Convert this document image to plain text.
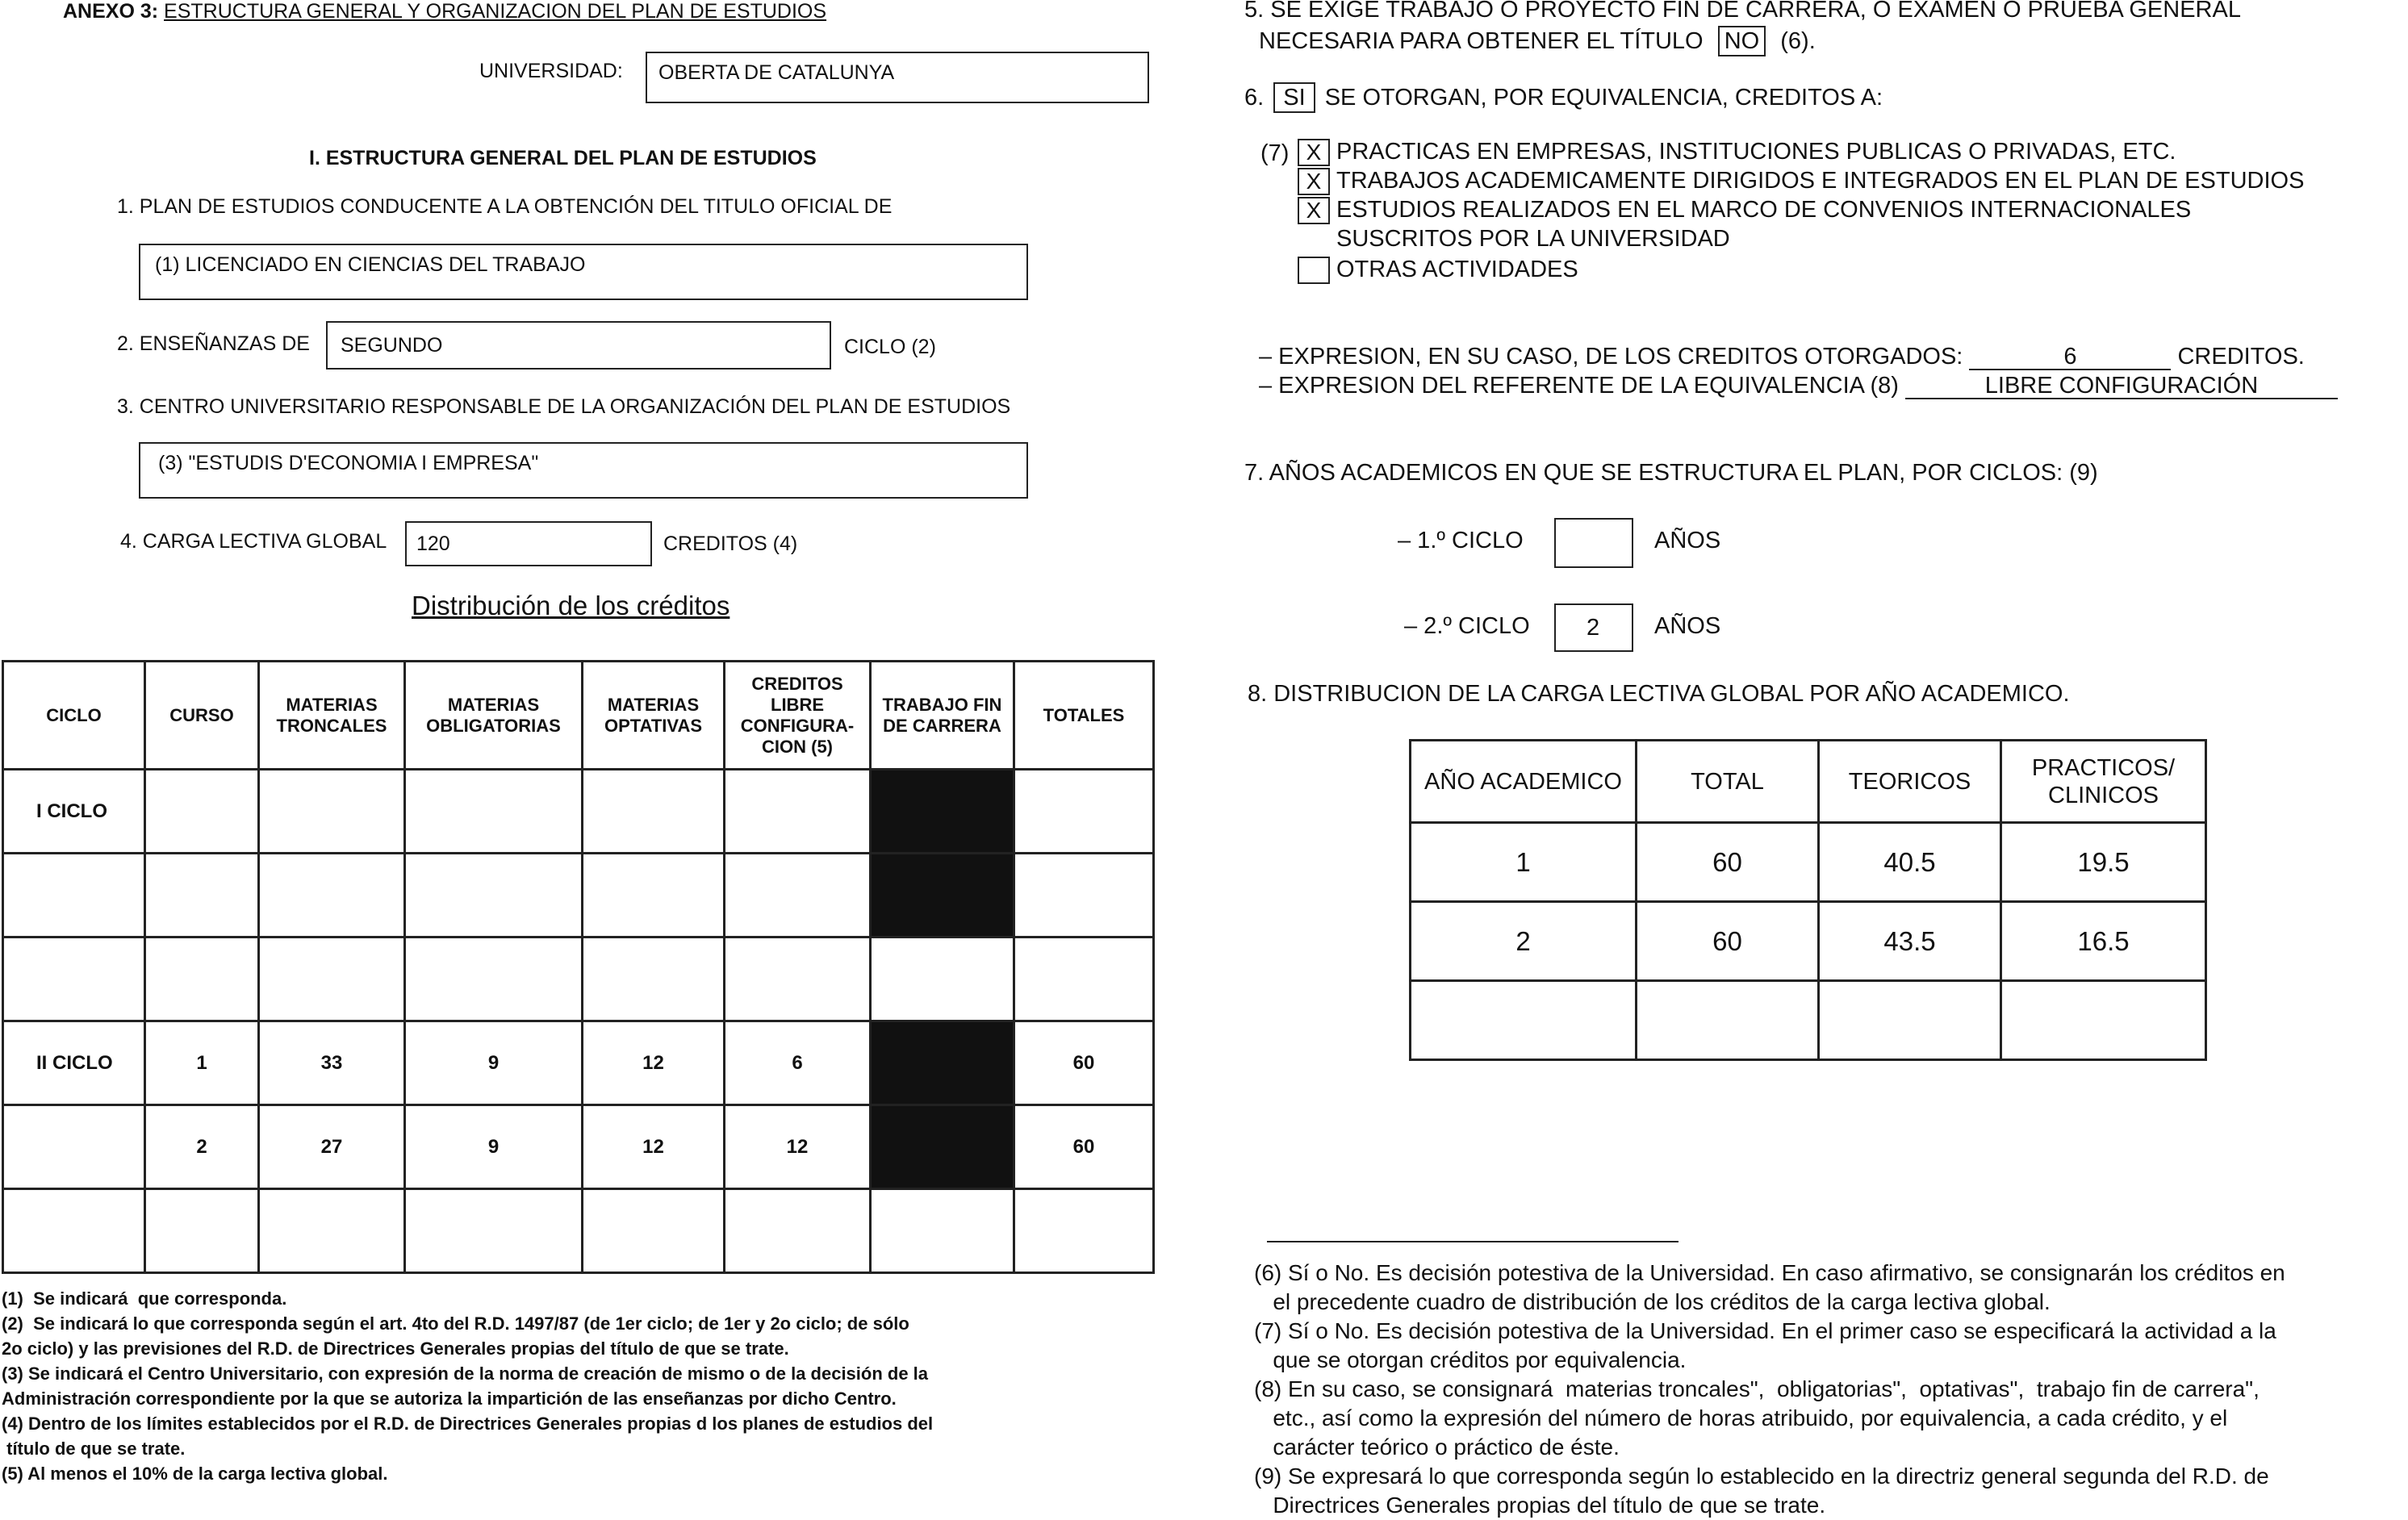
ANEXO 3: ESTRUCTURA GENERAL Y ORGANIZACION DEL PLAN DE ESTUDIOS
UNIVERSIDAD: OBERTA DE CATALUNYA
I. ESTRUCTURA GENERAL DEL PLAN DE ESTUDIOS
1. PLAN DE ESTUDIOS CONDUCENTE A LA OBTENCIÓN DEL TITULO OFICIAL DE
(1) LICENCIADO EN CIENCIAS DEL TRABAJO
2. ENSEÑANZAS DE SEGUNDO	CICLO (2)
3. CENTRO UNIVERSITARIO RESPONSABLE DE LA ORGANIZACIÓN DEL PLAN DE ESTUDIOS
(3) "ESTUDIS D'ECONOMIA I EMPRESA"
4. CARGA LECTIVA GLOBAL 120	CREDITOS (4)
Distribución de los créditos
CICLO	CURSO	MATERIAS TRONCALES	MATERIAS OBLIGATORIAS	MATERIAS OPTATIVAS	CREDITOS LIBRE CONFIGURA-CION (5)	TRABAJO FIN DE CARRERA	TOTALES
I CICLO							

II CICLO	1	33	9	12	6		60
	2	27	9	12	12		60

(1)  Se indicará  que corresponda.
(2)  Se indicará lo que corresponda según el art. 4to del R.D. 1497/87 (de 1er ciclo; de 1er y 2o ciclo; de sólo
2o ciclo) y las previsiones del R.D. de Directrices Generales propias del título de que se trate.
(3) Se indicará el Centro Universitario, con expresión de la norma de creación de mismo o de la decisión de la
Administración correspondiente por la que se autoriza la impartición de las enseñanzas por dicho Centro.
(4) Dentro de los límites establecidos por el R.D. de Directrices Generales propias d los planes de estudios del
título de que se trate.
(5) Al menos el 10% de la carga lectiva global.
5. SE EXIGE TRABAJO O PROYECTO FIN DE CARRERA, O EXAMEN O PRUEBA GENERAL
NECESARIA PARA OBTENER EL TÍTULO NO (6).
6. SI SE OTORGAN, POR EQUIVALENCIA, CREDITOS A:
(7) X PRACTICAS EN EMPRESAS, INSTITUCIONES PUBLICAS O PRIVADAS, ETC.
X TRABAJOS ACADEMICAMENTE DIRIGIDOS E INTEGRADOS EN EL PLAN DE ESTUDIOS
X ESTUDIOS REALIZADOS EN EL MARCO DE CONVENIOS INTERNACIONALES
SUSCRITOS POR LA UNIVERSIDAD
OTRAS ACTIVIDADES
– EXPRESION, EN SU CASO, DE LOS CREDITOS OTORGADOS:	6	CREDITOS.
– EXPRESION DEL REFERENTE DE LA EQUIVALENCIA (8)	LIBRE CONFIGURACIÓN
7. AÑOS ACADEMICOS EN QUE SE ESTRUCTURA EL PLAN, POR CICLOS: (9)
– 1.º CICLO	AÑOS
– 2.º CICLO 2 AÑOS
8. DISTRIBUCION DE LA CARGA LECTIVA GLOBAL POR AÑO ACADEMICO.
AÑO ACADEMICO	TOTAL	TEORICOS	PRACTICOS/ CLINICOS
1	60	40.5	19.5
2	60	43.5	16.5

(6) Sí o No. Es decisión potestiva de la Universidad. En caso afirmativo, se consignarán los créditos en
el precedente cuadro de distribución de los créditos de la carga lectiva global.
(7) Sí o No. Es decisión potestiva de la Universidad. En el primer caso se especificará la actividad a la
que se otorgan créditos por equivalencia.
(8) En su caso, se consignará  materias troncales",  obligatorias",  optativas",  trabajo fin de carrera",
etc., así como la expresión del número de horas atribuido, por equivalencia, a cada crédito, y el
carácter teórico o práctico de éste.
(9) Se expresará lo que corresponda según lo establecido en la directriz general segunda del R.D. de
Directrices Generales propias del título de que se trate.
